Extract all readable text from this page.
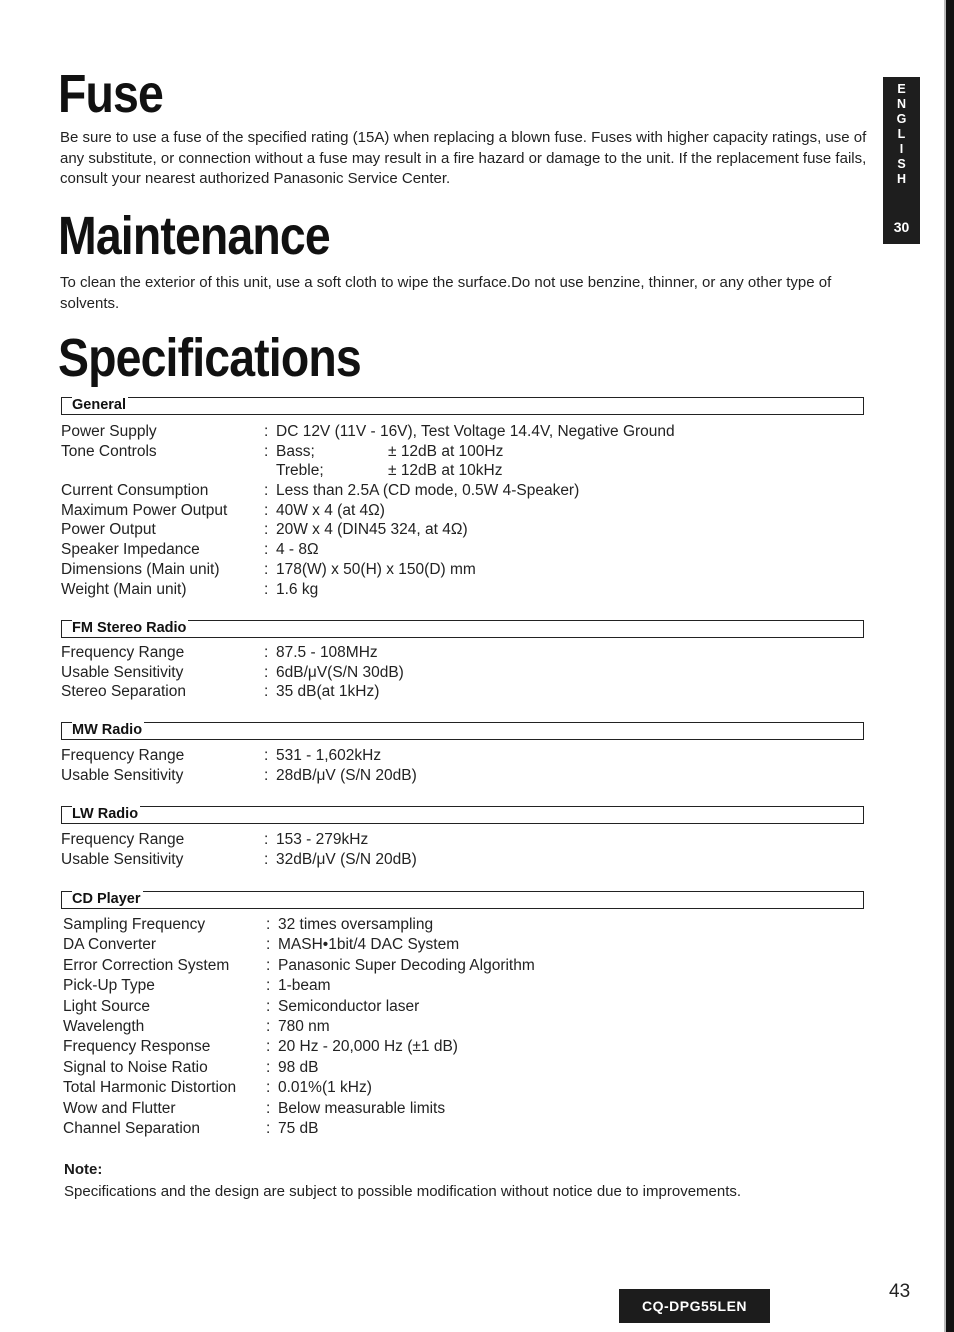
Fuse

Be sure to use a fuse of the specified rating (15A) when replacing a blown fuse. Fuses with higher capacity ratings, use of any substitute, or connection without a fuse may result in a fire hazard or damage to the unit. If the replacement fuse fails, consult your nearest authorized Panasonic Service Center.

E
N
G
L
I
S
H
30
Maintenance

To clean the exterior of this unit, use a soft cloth to wipe the surface.Do not use benzine, thinner, or any other type of solvents.

Specifications
General
Power Supply	: DC 12V (11V - 16V), Test Voltage 14.4V, Negative Ground
Tone Controls	: Bass;	± 12dB at 100Hz
Treble;	± 12dB at 10kHz
Current Consumption	: Less than 2.5A (CD mode, 0.5W 4-Speaker)
Maximum Power Output : 40W x 4 (at 4Ω)
Power Output	: 20W x 4 (DIN45 324, at 4Ω)
Speaker Impedance	: 4 - 8Ω
Dimensions (Main unit)	: 178(W) x 50(H) x 150(D) mm
Weight (Main unit)	: 1.6 kg
FM Stereo Radio
Frequency Range	: 87.5 - 108MHz
Usable Sensitivity	: 6dB/μV(S/N 30dB)
Stereo Separation	: 35 dB(at 1kHz)
MW Radio
Frequency Range	: 531 - 1,602kHz
Usable Sensitivity	: 28dB/μV (S/N 20dB)
LW Radio
Frequency Range	: 153 - 279kHz
Usable Sensitivity	: 32dB/μV (S/N 20dB)
CD Player
Sampling Frequency	: 32 times oversampling
DA Converter	: MASH•1bit/4 DAC System
Error Correction System : Panasonic Super Decoding Algorithm
Pick-Up Type	: 1-beam
Light Source	: Semiconductor laser
Wavelength	: 780 nm
Frequency Response	: 20 Hz - 20,000 Hz (±1 dB)
Signal to Noise Ratio	: 98 dB
Total Harmonic Distortion : 0.01%(1 kHz)
Wow and Flutter	: Below measurable limits
Channel Separation	: 75 dB
Note:
Specifications and the design are subject to possible modification without notice due to improvements.
CQ-DPG55LEN
43
